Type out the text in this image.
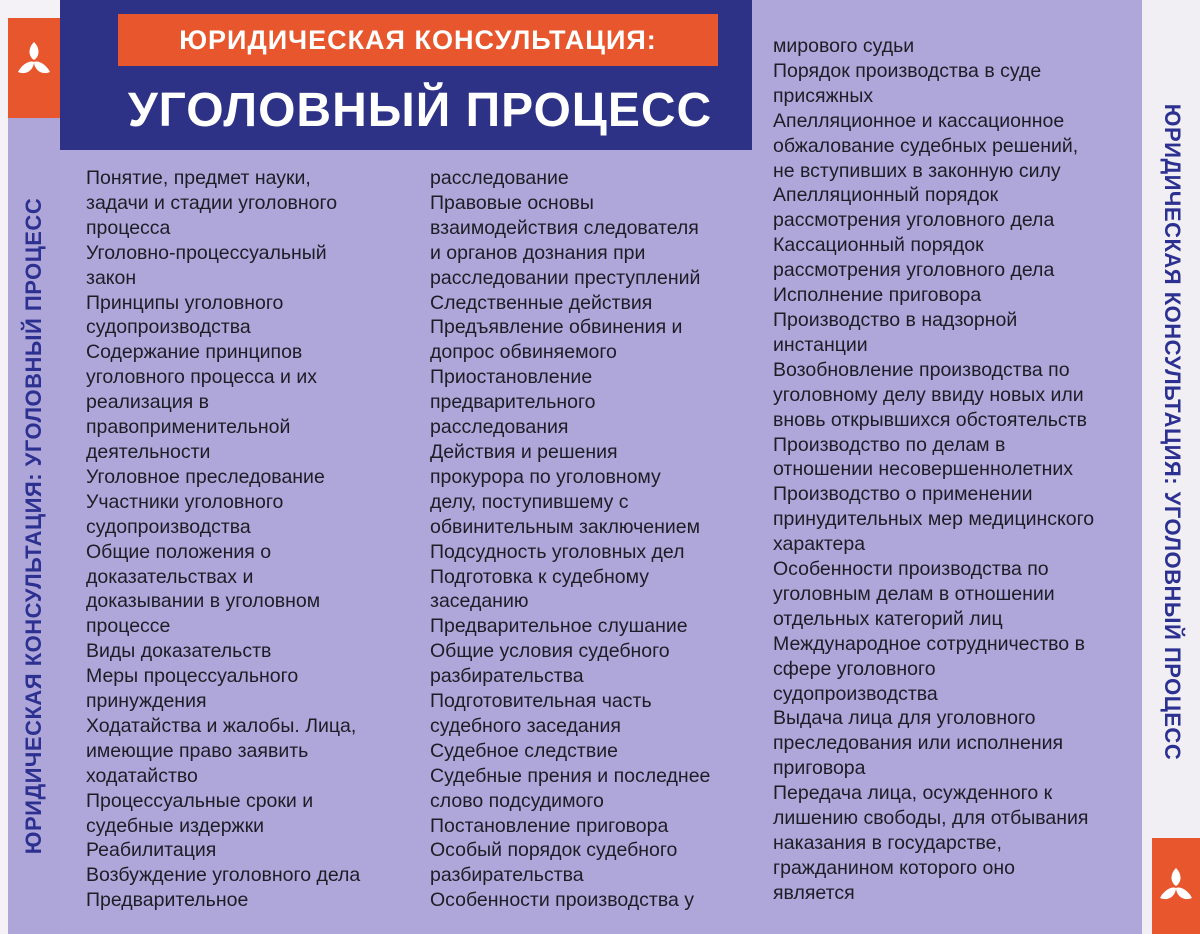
ЮРИДИЧЕСКАЯ КОНСУЛЬТАЦИЯ: УГОЛОВНЫЙ ПРОЦЕСС
ЮРИДИЧЕСКАЯ КОНСУЛЬТАЦИЯ:
УГОЛОВНЫЙ ПРОЦЕСС
Понятие, предмет науки,
задачи и стадии уголовного
процесса
Уголовно-процессуальный
закон
Принципы уголовного
судопроизводства
Содержание принципов
уголовного процесса и их
реализация в
правоприменительной
деятельности
Уголовное преследование
Участники уголовного
судопроизводства
Общие положения о
доказательствах и
доказывании в уголовном
процессе
Виды доказательств
Меры процессуального
принуждения
Ходатайства и жалобы. Лица,
имеющие право заявить
ходатайство
Процессуальные сроки и
судебные издержки
Реабилитация
Возбуждение уголовного дела
Предварительное
расследование
Правовые основы
взаимодействия следователя
и органов дознания при
расследовании преступлений
Следственные действия
Предъявление обвинения и
допрос обвиняемого
Приостановление
предварительного
расследования
Действия и решения
прокурора по уголовному
делу, поступившему с
обвинительным заключением
Подсудность уголовных дел
Подготовка к судебному
заседанию
Предварительное слушание
Общие условия судебного
разбирательства
Подготовительная часть
судебного заседания
Судебное следствие
Судебные прения и последнее
слово подсудимого
Постановление приговора
Особый порядок судебного
разбирательства
Особенности производства у
мирового судьи
Порядок производства в суде
присяжных
Апелляционное и кассационное
обжалование судебных решений,
не вступивших в законную силу
Апелляционный порядок
рассмотрения уголовного дела
Кассационный порядок
рассмотрения уголовного дела
Исполнение приговора
Производство в надзорной
инстанции
Возобновление производства по
уголовному делу ввиду новых или
вновь открывшихся обстоятельств
Производство по делам в
отношении несовершеннолетних
Производство о применении
принудительных мер медицинского
характера
Особенности производства по
уголовным делам в отношении
отдельных категорий лиц
Международное сотрудничество в
сфере уголовного
судопроизводства
Выдача лица для уголовного
преследования или исполнения
приговора
Передача лица, осужденного к
лишению свободы, для отбывания
наказания в государстве,
гражданином которого оно
является
ЮРИДИЧЕСКАЯ КОНСУЛЬТАЦИЯ: УГОЛОВНЫЙ ПРОЦЕСС
